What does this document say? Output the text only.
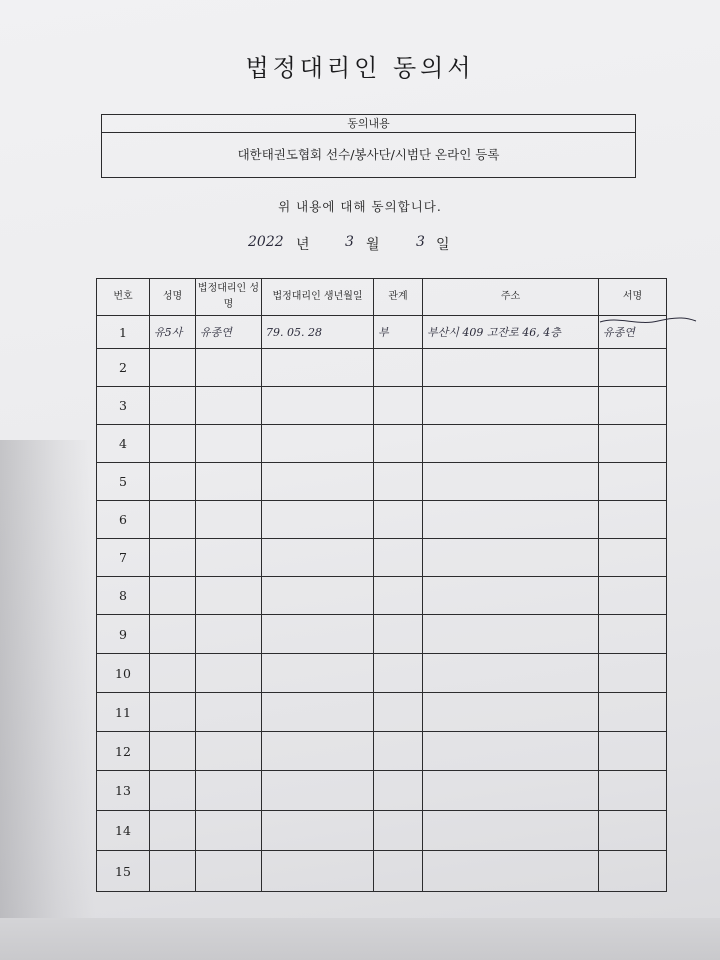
법정대리인 동의서
동의내용
대한태권도협회 선수/봉사단/시범단 온라인 등록
위 내용에 대해 동의합니다.
2022 년	3 월	3 일
번호	성명	법정대리인 성명	법정대리인 생년월일	관계	주소	서명
1	유5사	유종연	79. 05. 28	부	부산시 409 고잔로 46, 4층	유종연
2						
3						
4						
5						
6						
7						
8						
9						
10						
11						
12						
13						
14						
15						
